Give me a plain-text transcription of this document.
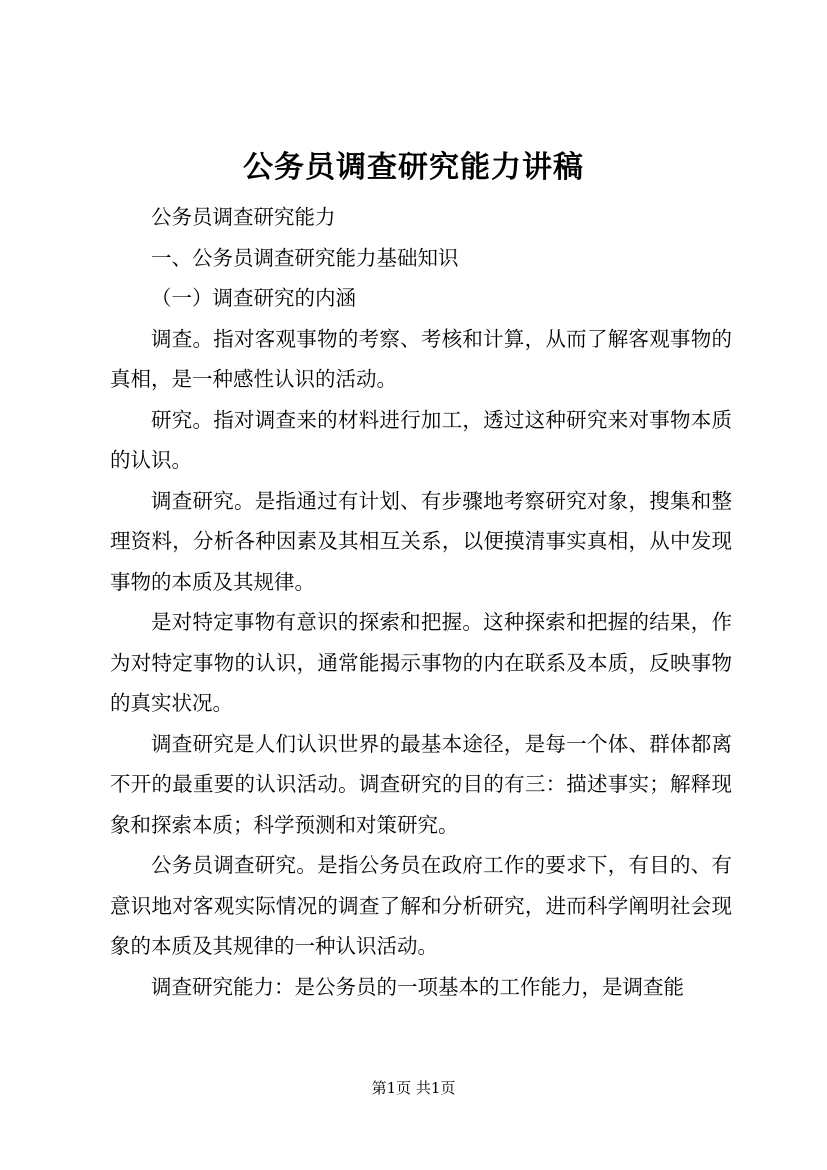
公务员调查研究能力讲稿

公务员调查研究能力

一、公务员调查研究能力基础知识

（一）调查研究的内涵

调查。指对客观事物的考察、考核和计算，从而了解客观事物的真相，是一种感性认识的活动。

研究。指对调查来的材料进行加工，透过这种研究来对事物本质的认识。

调查研究。是指通过有计划、有步骤地考察研究对象，搜集和整理资料，分析各种因素及其相互关系，以便摸清事实真相，从中发现事物的本质及其规律。

是对特定事物有意识的探索和把握。这种探索和把握的结果，作为对特定事物的认识，通常能揭示事物的内在联系及本质，反映事物的真实状况。

调查研究是人们认识世界的最基本途径，是每一个体、群体都离不开的最重要的认识活动。调查研究的目的有三：描述事实；解释现象和探索本质；科学预测和对策研究。

公务员调查研究。是指公务员在政府工作的要求下，有目的、有意识地对客观实际情况的调查了解和分析研究，进而科学阐明社会现象的本质及其规律的一种认识活动。

调查研究能力：是公务员的一项基本的工作能力，是调查能

第1页 共1页
